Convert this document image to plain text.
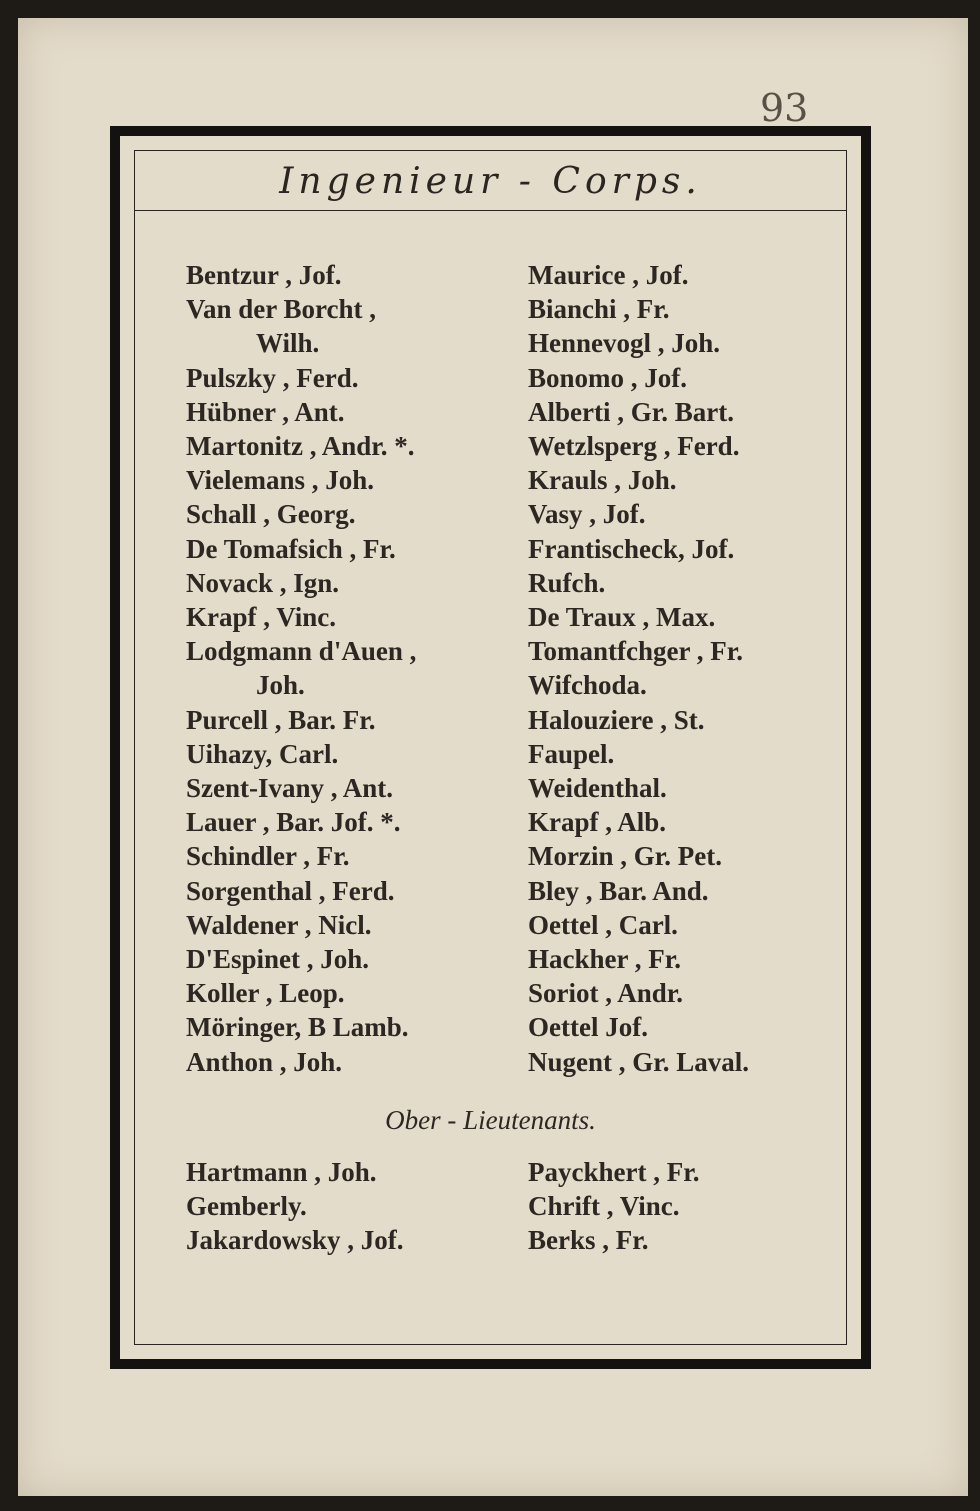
93
Ingenieur - Corps.
Bentzur , Jof.
Van der Borcht ,
Wilh.
Pulszky , Ferd.
Hübner , Ant.
Martonitz , Andr. *.
Vielemans , Joh.
Schall , Georg.
De Tomafsich , Fr.
Novack , Ign.
Krapf , Vinc.
Lodgmann d'Auen ,
Joh.
Purcell , Bar. Fr.
Uihazy, Carl.
Szent-Ivany , Ant.
Lauer , Bar. Jof. *.
Schindler , Fr.
Sorgenthal , Ferd.
Waldener , Nicl.
D'Espinet , Joh.
Koller , Leop.
Möringer, B Lamb.
Anthon , Joh.
Maurice , Jof.
Bianchi , Fr.
Hennevogl , Joh.
Bonomo , Jof.
Alberti , Gr. Bart.
Wetzlsperg , Ferd.
Krauls , Joh.
Vasy , Jof.
Frantischeck, Jof.
Rufch.
De Traux , Max.
Tomantfchger , Fr.
Wifchoda.
Halouziere , St.
Faupel.
Weidenthal.
Krapf , Alb.
Morzin , Gr. Pet.
Bley , Bar. And.
Oettel , Carl.
Hackher , Fr.
Soriot , Andr.
Oettel Jof.
Nugent , Gr. Laval.
Ober - Lieutenants.
Hartmann , Joh.
Gemberly.
Jakardowsky , Jof.
Payckhert , Fr.
Chrift , Vinc.
Berks , Fr.
